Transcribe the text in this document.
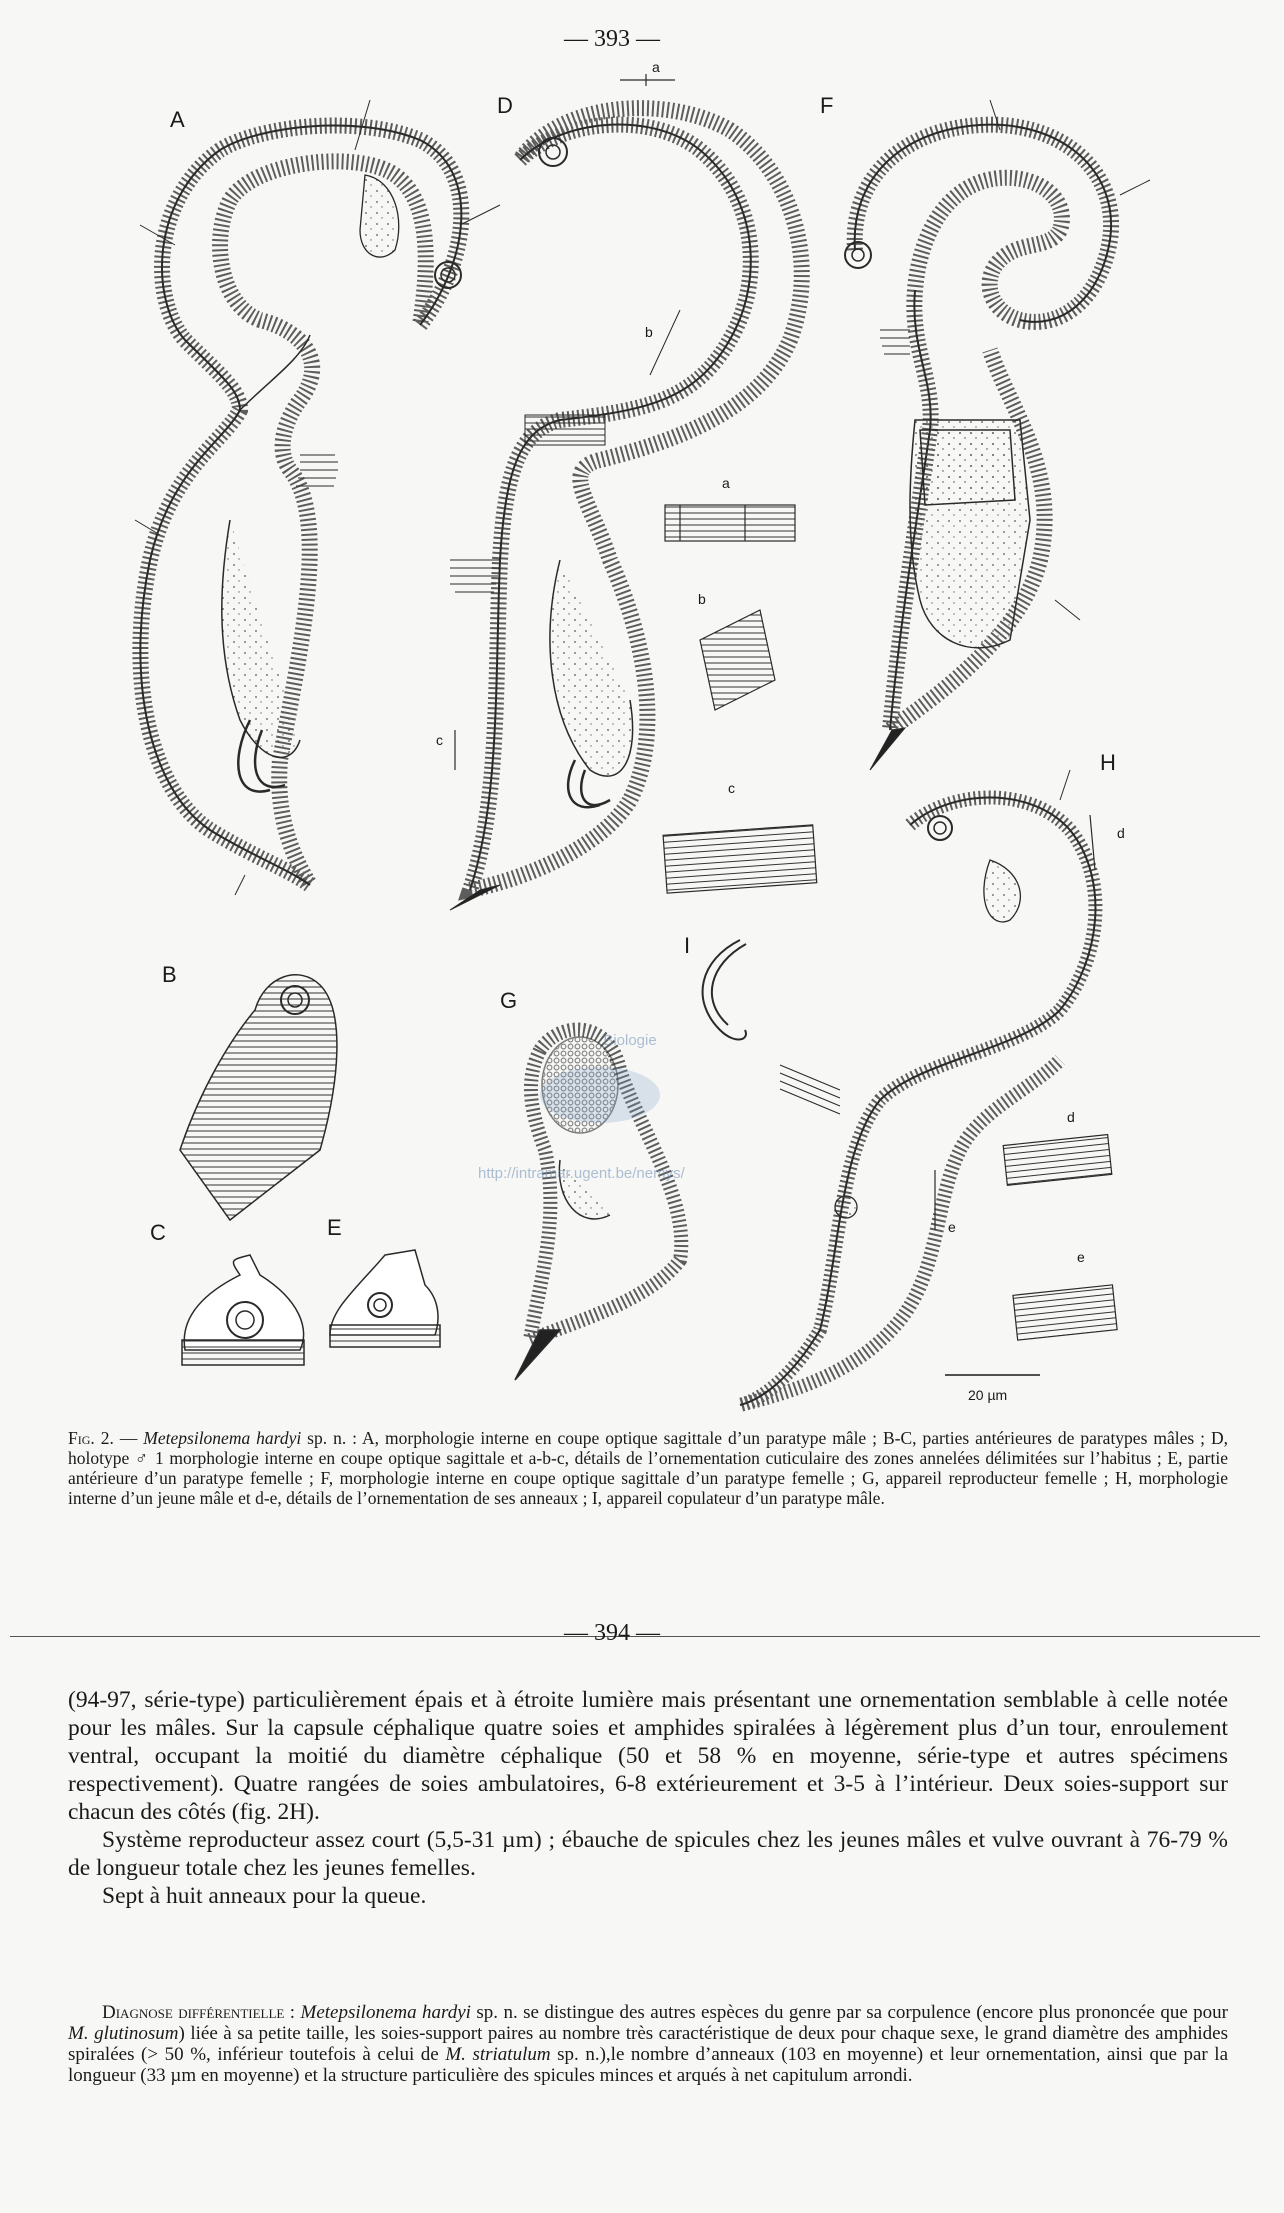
— 393 —
Biologie
http://intramar.ugent.be/nemys/
20 µm
A
D	F
H
B
G
C	E
I
a
a
b
b
c
c
d
d
e
e
Fig. 2. — Metepsilonema hardyi sp. n. : A, morphologie interne en coupe optique sagittale d’un paratype mâle ; B-C, parties antérieures de paratypes mâles ; D, holotype ♂ 1 morphologie interne en coupe optique sagittale et a-b-c, détails de l’ornementation cuticulaire des zones annelées délimitées sur l’habitus ; E, partie antérieure d’un paratype femelle ; F, morphologie interne en coupe optique sagittale d’un paratype femelle ; G, appareil reproducteur femelle ; H, morphologie interne d’un jeune mâle et d-e, détails de l’ornementation de ses anneaux ; I, appareil copulateur d’un paratype mâle.
— 394 —

(94-97, série-type) particulièrement épais et à étroite lumière mais présentant une ornementation semblable à celle notée pour les mâles. Sur la capsule céphalique quatre soies et amphides spiralées à légèrement plus d’un tour, enroulement ventral, occupant la moitié du diamètre céphalique (50 et 58 % en moyenne, série-type et autres spécimens respectivement). Quatre rangées de soies ambulatoires, 6-8 extérieurement et 3-5 à l’intérieur. Deux soies-support sur chacun des côtés (fig. 2H).

Système reproducteur assez court (5,5-31 µm) ; ébauche de spicules chez les jeunes mâles et vulve ouvrant à 76-79 % de longueur totale chez les jeunes femelles.

Sept à huit anneaux pour la queue.

Diagnose différentielle : Metepsilonema hardyi sp. n. se distingue des autres espèces du genre par sa corpulence (encore plus prononcée que pour M. glutinosum) liée à sa petite taille, les soies-support paires au nombre très caractéristique de deux pour chaque sexe, le grand diamètre des amphides spiralées (> 50 %, inférieur toutefois à celui de M. striatulum sp. n.),le nombre d’anneaux (103 en moyenne) et leur ornementation, ainsi que par la longueur (33 µm en moyenne) et la structure particulière des spicules minces et arqués à net capitulum arrondi.
